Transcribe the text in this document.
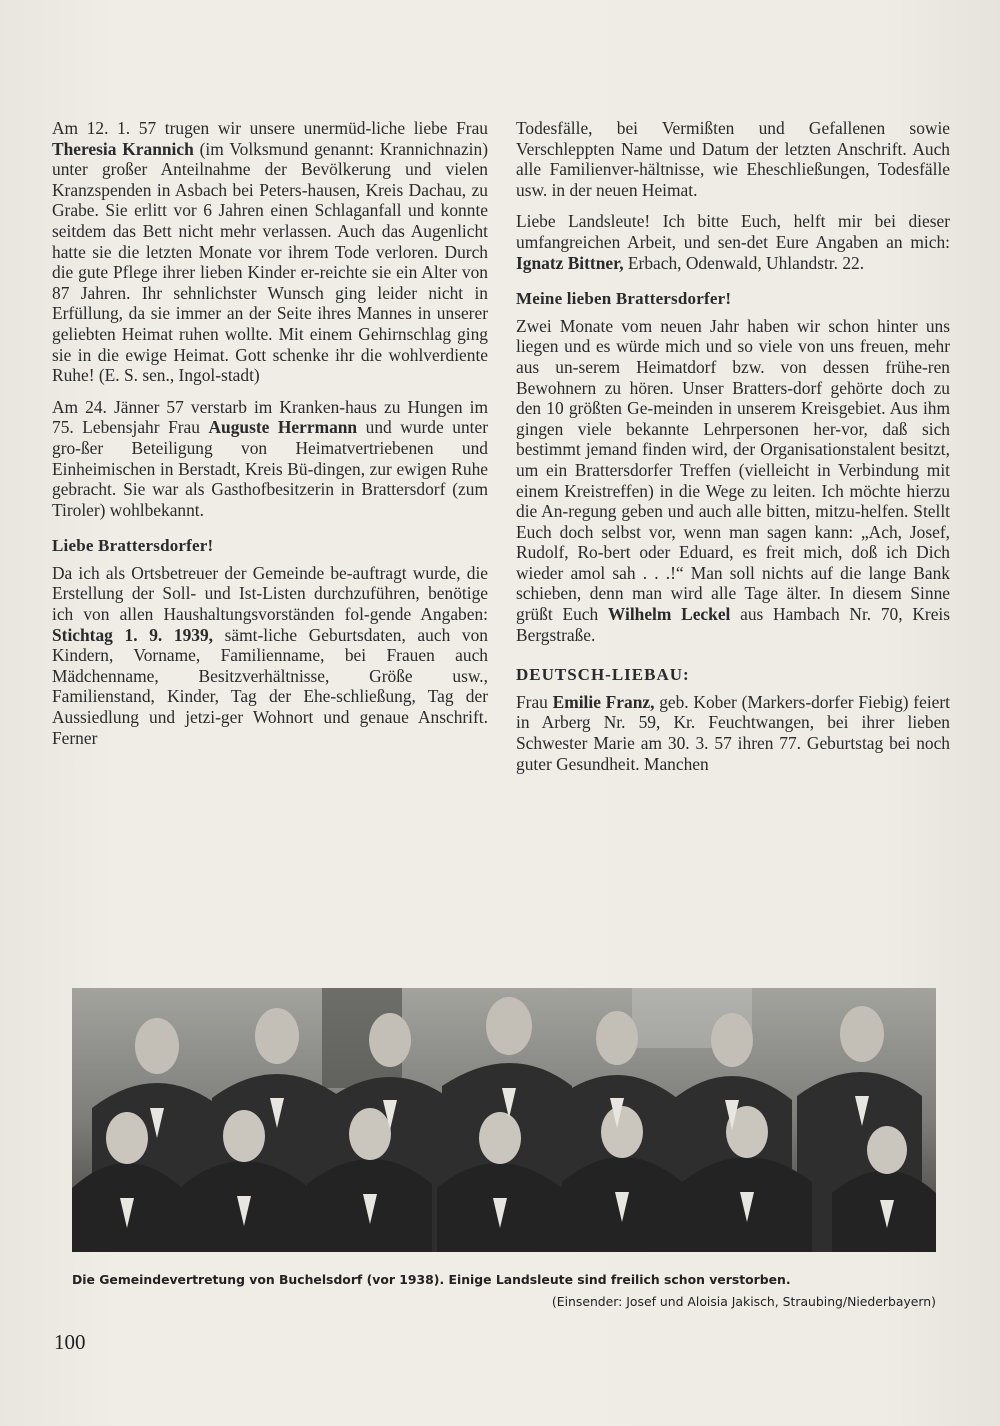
Am 12. 1. 57 trugen wir unsere unermüd-liche liebe Frau Theresia Krannich (im Volksmund genannt: Krannichnazin) unter großer Anteilnahme der Bevölkerung und vielen Kranzspenden in Asbach bei Peters-hausen, Kreis Dachau, zu Grabe. Sie erlitt vor 6 Jahren einen Schlaganfall und konnte seitdem das Bett nicht mehr verlassen. Auch das Augenlicht hatte sie die letzten Monate vor ihrem Tode verloren. Durch die gute Pflege ihrer lieben Kinder er-reichte sie ein Alter von 87 Jahren. Ihr sehnlichster Wunsch ging leider nicht in Erfüllung, da sie immer an der Seite ihres Mannes in unserer geliebten Heimat ruhen wollte. Mit einem Gehirnschlag ging sie in die ewige Heimat. Gott schenke ihr die wohlverdiente Ruhe! (E. S. sen., Ingol-stadt)

Am 24. Jänner 57 verstarb im Kranken-haus zu Hungen im 75. Lebensjahr Frau Auguste Herrmann und wurde unter gro-ßer Beteiligung von Heimatvertriebenen und Einheimischen in Berstadt, Kreis Bü-dingen, zur ewigen Ruhe gebracht. Sie war als Gasthofbesitzerin in Brattersdorf (zum Tiroler) wohlbekannt.

Liebe Brattersdorfer!

Da ich als Ortsbetreuer der Gemeinde be-auftragt wurde, die Erstellung der Soll- und Ist-Listen durchzuführen, benötige ich von allen Haushaltungsvorständen fol-gende Angaben: Stichtag 1. 9. 1939, sämt-liche Geburtsdaten, auch von Kindern, Vorname, Familienname, bei Frauen auch Mädchenname, Besitzverhältnisse, Größe usw., Familienstand, Kinder, Tag der Ehe-schließung, Tag der Aussiedlung und jetzi-ger Wohnort und genaue Anschrift. Ferner

Todesfälle, bei Vermißten und Gefallenen sowie Verschleppten Name und Datum der letzten Anschrift. Auch alle Familienver-hältnisse, wie Eheschließungen, Todesfälle usw. in der neuen Heimat.

Liebe Landsleute! Ich bitte Euch, helft mir bei dieser umfangreichen Arbeit, und sen-det Eure Angaben an mich: Ignatz Bittner, Erbach, Odenwald, Uhlandstr. 22.

Meine lieben Brattersdorfer!

Zwei Monate vom neuen Jahr haben wir schon hinter uns liegen und es würde mich und so viele von uns freuen, mehr aus un-serem Heimatdorf bzw. von dessen frühe-ren Bewohnern zu hören. Unser Bratters-dorf gehörte doch zu den 10 größten Ge-meinden in unserem Kreisgebiet. Aus ihm gingen viele bekannte Lehrpersonen her-vor, daß sich bestimmt jemand finden wird, der Organisationstalent besitzt, um ein Brattersdorfer Treffen (vielleicht in Verbindung mit einem Kreistreffen) in die Wege zu leiten. Ich möchte hierzu die An-regung geben und auch alle bitten, mitzu-helfen. Stellt Euch doch selbst vor, wenn man sagen kann: „Ach, Josef, Rudolf, Ro-bert oder Eduard, es freit mich, doß ich Dich wieder amol sah . . .!“ Man soll nichts auf die lange Bank schieben, denn man wird alle Tage älter. In diesem Sinne grüßt Euch Wilhelm Leckel aus Hambach Nr. 70, Kreis Bergstraße.

DEUTSCH-LIEBAU:

Frau Emilie Franz, geb. Kober (Markers-dorfer Fiebig) feiert in Arberg Nr. 59, Kr. Feuchtwangen, bei ihrer lieben Schwester Marie am 30. 3. 57 ihren 77. Geburtstag bei noch guter Gesundheit. Manchen

Die Gemeindevertretung von Buchelsdorf (vor 1938). Einige Landsleute sind freilich schon verstorben.
(Einsender: Josef und Aloisia Jakisch, Straubing/Niederbayern)
100
